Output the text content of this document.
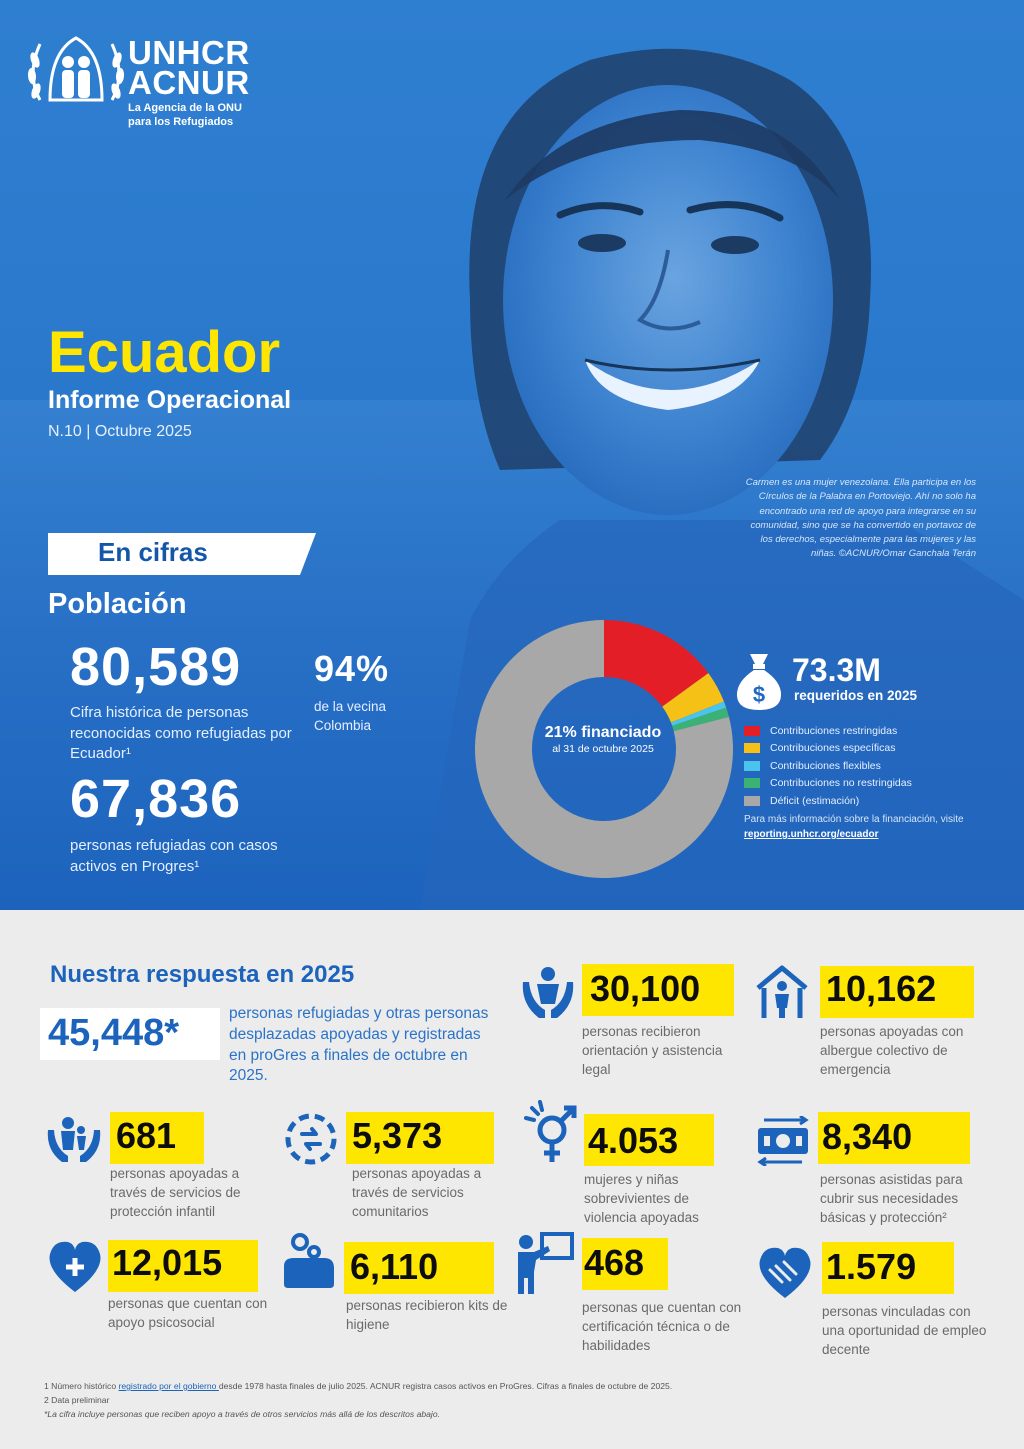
UNHCR
ACNUR
La Agencia de la ONU
para los Refugiados
Ecuador
Informe Operacional
N.10 | Octubre 2025
Carmen es una mujer venezolana. Ella participa en los Círculos de la Palabra en Portoviejo. Ahí no solo ha encontrado una red de apoyo para integrarse en su comunidad, sino que se ha convertido en portavoz de los derechos, especialmente para las mujeres y las niñas. ©ACNUR/Omar Ganchala Terán
En cifras
Población
80,589
Cifra histórica de personas reconocidas como refugiadas por Ecuador¹
94%
de la vecina Colombia
67,836
personas refugiadas con casos activos en Progres¹
21% financiado
al 31 de octubre 2025
$
73.3M
requeridos en 2025
Contribuciones restringidas
Contribuciones específicas
Contribuciones flexibles
Contribuciones no restringidas
Déficit (estimación)
Para más información sobre la financiación, visite
reporting.unhcr.org/ecuador
Nuestra respuesta en 2025
45,448*	personas refugiadas y otras personas desplazadas apoyadas y registradas en proGres a finales de octubre en 2025.
30,100
personas recibieron orientación y asistencia legal
10,162
personas apoyadas con albergue colectivo de emergencia
681
personas apoyadas a través de servicios de protección infantil
5,373
personas apoyadas a través de servicios comunitarios
4.053
mujeres y niñas sobrevivientes de violencia apoyadas
8,340
personas asistidas para cubrir sus necesidades básicas y protección²
12,015
personas que cuentan con apoyo psicosocial
6,110
personas recibieron kits de higiene
468
personas que cuentan con certificación técnica o de habilidades
1.579
personas vinculadas con una oportunidad de empleo decente
1 Número histórico registrado por el gobierno desde 1978 hasta finales de julio 2025. ACNUR registra casos activos en ProGres. Cifras a finales de octubre de 2025.
2 Data preliminar
*La cifra incluye personas que reciben apoyo a través de otros servicios más allá de los descritos abajo.
